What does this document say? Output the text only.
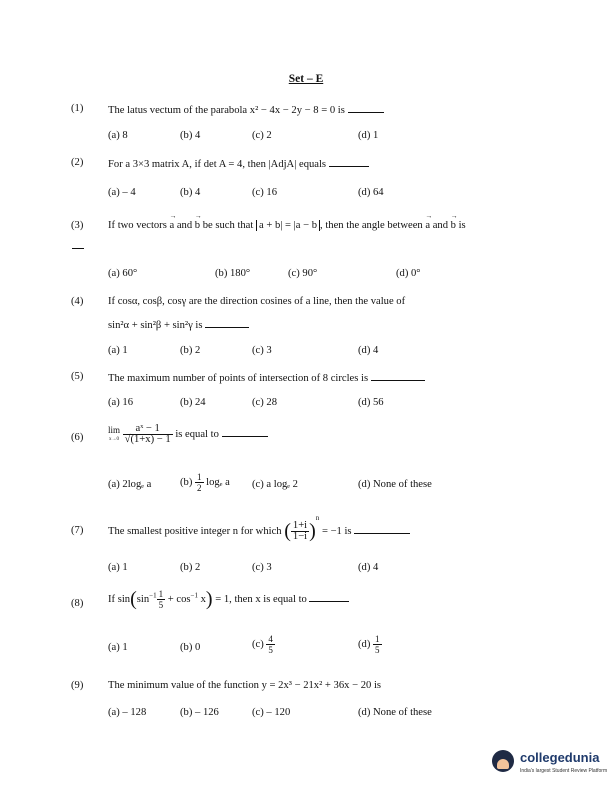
Set – E
(1) The latus vectum of the parabola x² − 4x − 2y − 8 = 0 is
(a) 8	(b) 4	(c) 2	(d) 1
(2) For a 3×3 matrix A, if det A = 4, then |AdjA| equals
(a) – 4	(b) 4	(c) 16	(d) 64
(3) If two vectors → a and → b be such that a + b| = |a − b , then the angle between → a and → b is
(a) 60°	(b) 180°	(c) 90°	(d) 0°
(4) If cosα, cosβ, cosγ are the direction cosines of a line, then the value of
sin²α + sin²β + sin²γ is
(a) 1	(b) 2	(c) 3	(d) 4
(5) The maximum number of points of intersection of 8 circles is
(a) 16	(b) 24	(c) 28	(d) 56
(6)
lim
x→0
$\frac{\text{aˣ − 1}}{√(1+x) - 1}$ is equal to
(a) 2logₑ a	$(b) \frac{1}{2}$ logₑ a (c) a logₑ 2	(d) None of these
(7) The smallest positive integer n for which ( $\frac{1+i}{1-i} )^n = -1$ is
(a) 1	(b) 2	(c) 3	(d) 4
(8) If $\sin(\sin^{-1} \frac{1}{5} + \cos^{-1} x) = 1$, then x is equal to
(a) 1	(b) 0	$(c) \frac{4}{5}$	$(d) \frac{1}{5}$
(9) The minimum value of the function y = 2x³ − 21x² + 36x − 20 is
(a) – 128	(b) – 126	(c) – 120	(d) None of these
collegedunia
India's largest Student Review Platform
